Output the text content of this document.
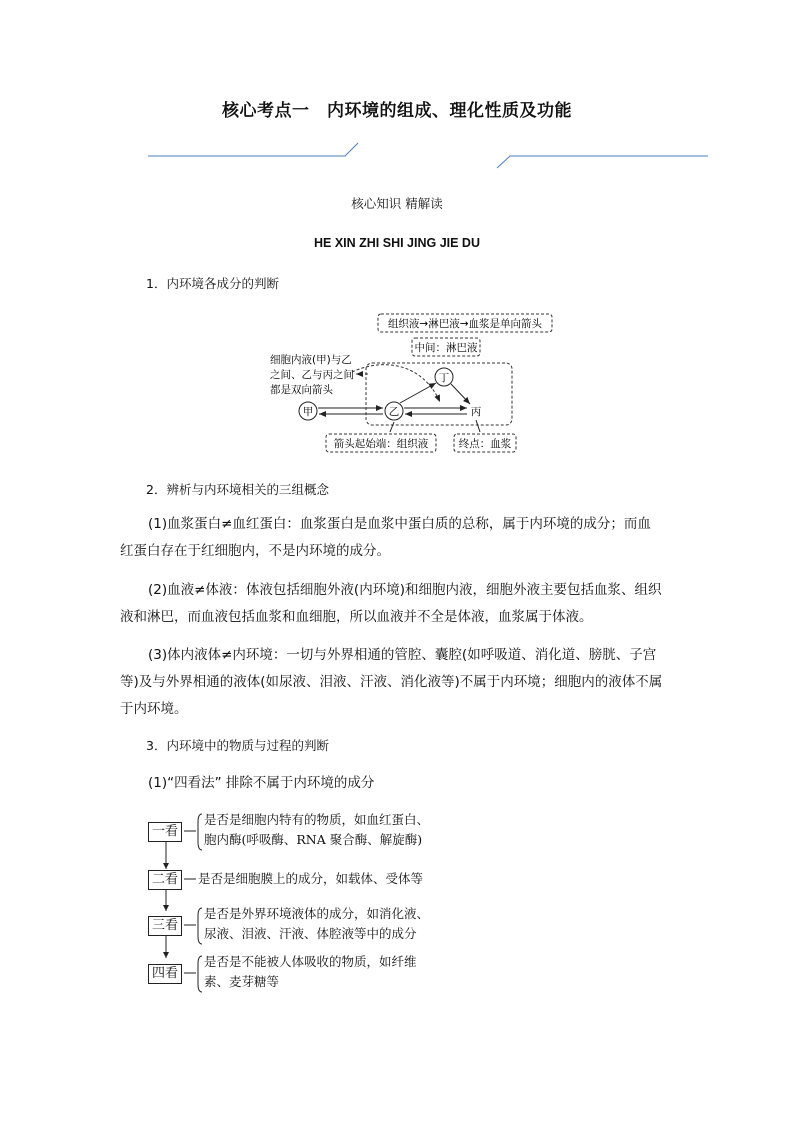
核心考点一　内环境的组成、理化性质及功能
核心知识 精解读
HE XIN ZHI SHI JING JIE DU
1．内环境各成分的判断
组织液→淋巴液→血浆是单向箭头
中间：淋巴液
细胞内液(甲)与乙
之间、乙与丙之间
都是双向箭头
甲	乙
丁
丙
箭头起始端：组织液	终点：血浆
2．辨析与内环境相关的三组概念
(1)血浆蛋白≠血红蛋白：血浆蛋白是血浆中蛋白质的总称，属于内环境的成分；而血
红蛋白存在于红细胞内，不是内环境的成分。
(2)血液≠体液：体液包括细胞外液(内环境)和细胞内液，细胞外液主要包括血浆、组织
液和淋巴，而血液包括血浆和血细胞，所以血液并不全是体液，血浆属于体液。
(3)体内液体≠内环境：一切与外界相通的管腔、囊腔(如呼吸道、消化道、膀胱、子宫
等)及与外界相通的液体(如尿液、泪液、汗液、消化液等)不属于内环境；细胞内的液体不属
于内环境。
3．内环境中的物质与过程的判断
(1)“四看法” 排除不属于内环境的成分
一看
是否是细胞内特有的物质，如血红蛋白、
胞内酶(呼吸酶、RNA 聚合酶、解旋酶)
二看	是否是细胞膜上的成分，如载体、受体等
三看
是否是外界环境液体的成分，如消化液、
尿液、泪液、汗液、体腔液等中的成分
四看
是否是不能被人体吸收的物质，如纤维
素、麦芽糖等
